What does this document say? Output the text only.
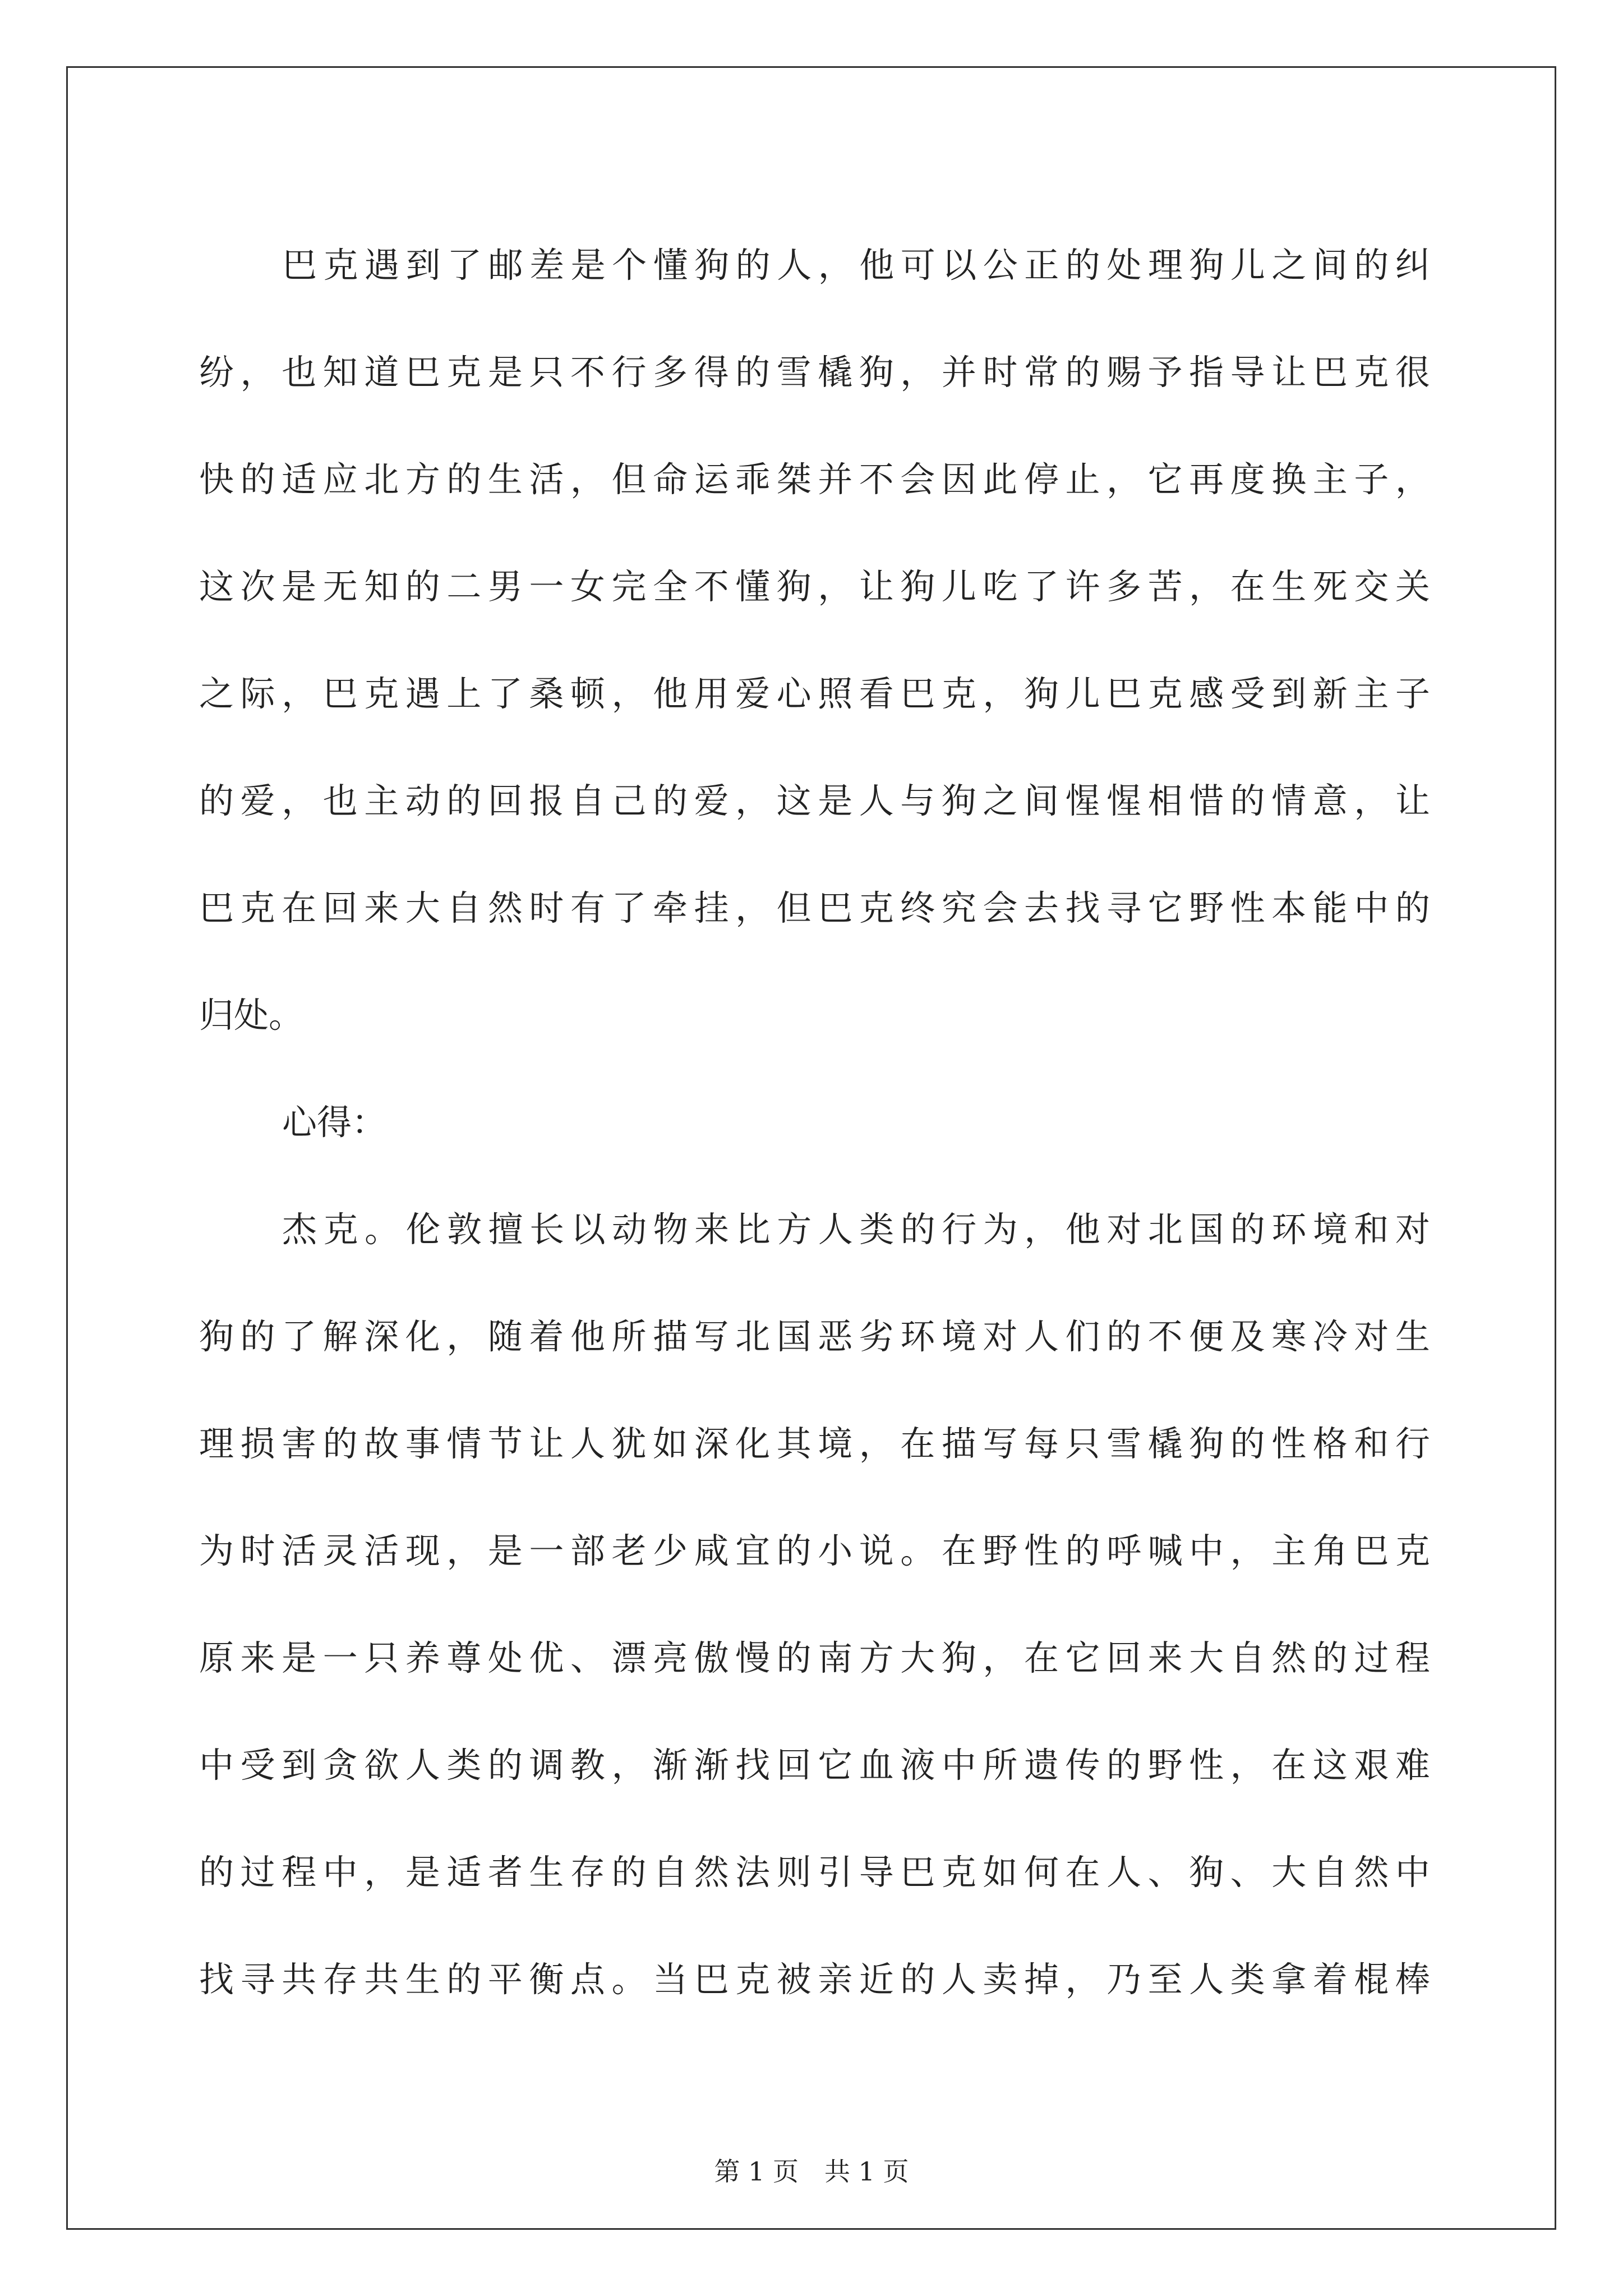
巴 克 遇 到 了 邮 差 是 个 懂 狗 的 人 ， 他 可 以 公 正 的 处 理 狗 儿 之 间 的 纠
纷 ， 也 知 道 巴 克 是 只 不 行 多 得 的 雪 橇 狗 ， 并 时 常 的 赐 予 指 导 让 巴 克 很
快 的 适 应 北 方 的 生 活 ， 但 命 运 乖 桀 并 不 会 因 此 停 止 ， 它 再 度 换 主 子 ，
这 次 是 无 知 的 二 男 一 女 完 全 不 懂 狗 ， 让 狗 儿 吃 了 许 多 苦 ， 在 生 死 交 关
之 际 ， 巴 克 遇 上 了 桑 顿 ， 他 用 爱 心 照 看 巴 克 ， 狗 儿 巴 克 感 受 到 新 主 子
的 爱 ， 也 主 动 的 回 报 自 己 的 爱 ， 这 是 人 与 狗 之 间 惺 惺 相 惜 的 情 意 ， 让
巴 克 在 回 来 大 自 然 时 有 了 牵 挂 ， 但 巴 克 终 究 会 去 找 寻 它 野 性 本 能 中 的
归 处 。
心 得 ：
杰 克 。 伦 敦 擅 长 以 动 物 来 比 方 人 类 的 行 为 ， 他 对 北 国 的 环 境 和 对
狗 的 了 解 深 化 ， 随 着 他 所 描 写 北 国 恶 劣 环 境 对 人 们 的 不 便 及 寒 冷 对 生
理 损 害 的 故 事 情 节 让 人 犹 如 深 化 其 境 ， 在 描 写 每 只 雪 橇 狗 的 性 格 和 行
为 时 活 灵 活 现 ， 是 一 部 老 少 咸 宜 的 小 说 。 在 野 性 的 呼 喊 中 ， 主 角 巴 克
原 来 是 一 只 养 尊 处 优 、 漂 亮 傲 慢 的 南 方 大 狗 ， 在 它 回 来 大 自 然 的 过 程
中 受 到 贪 欲 人 类 的 调 教 ， 渐 渐 找 回 它 血 液 中 所 遗 传 的 野 性 ， 在 这 艰 难
的 过 程 中 ， 是 适 者 生 存 的 自 然 法 则 引 导 巴 克 如 何 在 人 、 狗 、 大 自 然 中
找 寻 共 存 共 生 的 平 衡 点 。 当 巴 克 被 亲 近 的 人 卖 掉 ， 乃 至 人 类 拿 着 棍 棒
第 1 页　共 1 页
